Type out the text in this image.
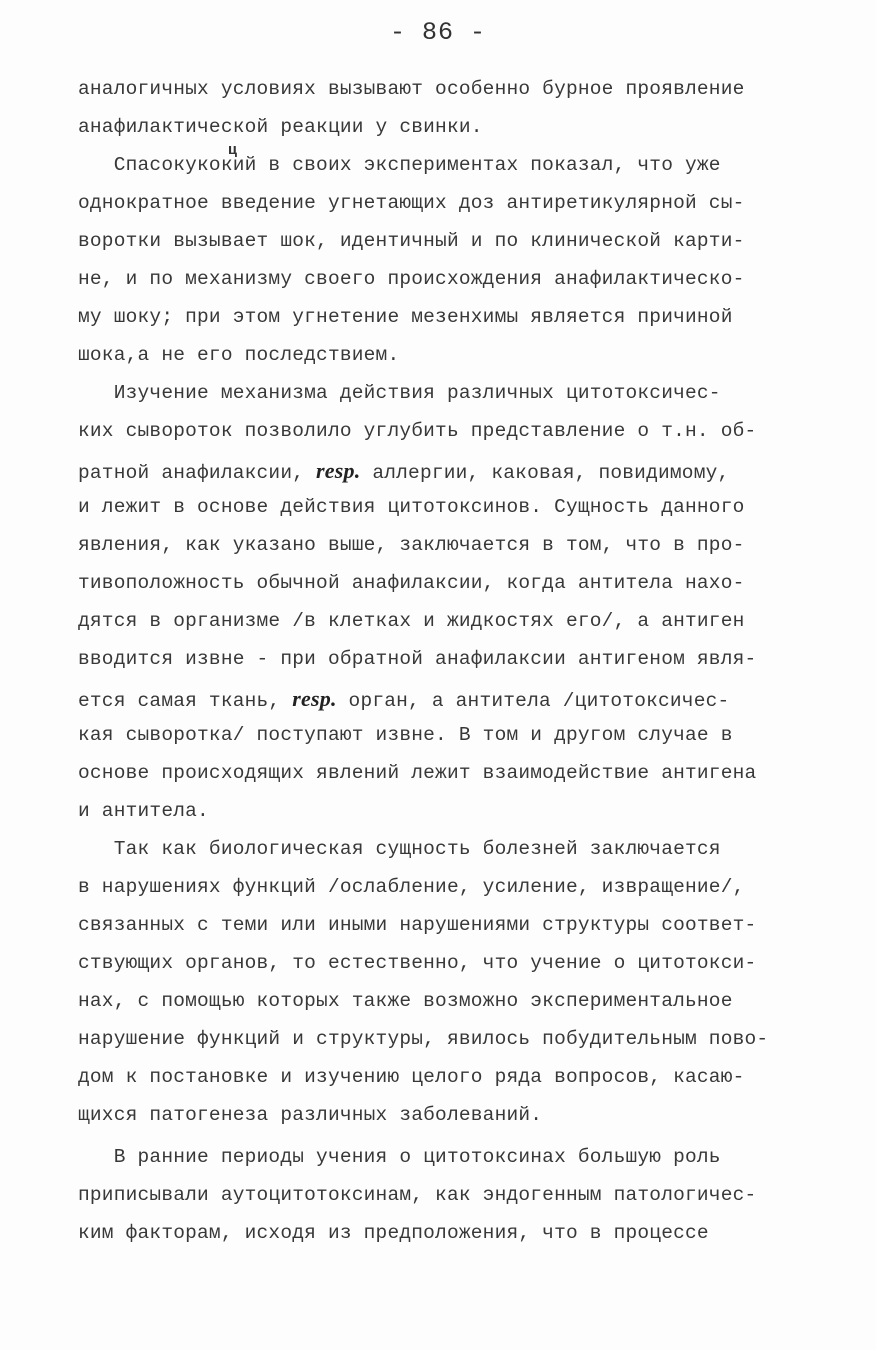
- 86 -
ц
аналогичных условиях вызывают особенно бурное проявление
анафилактической реакции у свинки.
Спасокукокий в своих экспериментах показал, что уже
однократное введение угнетающих доз антиретикулярной сы-
воротки вызывает шок, идентичный и по клинической карти-
не, и по механизму своего происхождения анафилактическо-
му шоку; при этом угнетение мезенхимы является причиной
шока,а не его последствием.
Изучение механизма действия различных цитотоксичес-
ких сывороток позволило углубить представление о т.н. об-
ратной анафилаксии, resp. аллергии, каковая, повидимому,
и лежит в основе действия цитотоксинов. Сущность данного
явления, как указано выше, заключается в том, что в про-
тивоположность обычной анафилаксии, когда антитела нахо-
дятся в организме /в клетках и жидкостях его/, а антиген
вводится извне - при обратной анафилаксии антигеном явля-
ется самая ткань, resp. орган, а антитела /цитотоксичес-
кая сыворотка/ поступают извне. В том и другом случае в
основе происходящих явлений лежит взаимодействие антигена
и антитела.
Так как биологическая сущность болезней заключается
в нарушениях функций /ослабление, усиление, извращение/,
связанных с теми или иными нарушениями структуры соответ-
ствующих органов, то естественно, что учение о цитотокси-
нах, с помощью которых также возможно экспериментальное
нарушение функций и структуры, явилось побудительным пово-
дом к постановке и изучению целого ряда вопросов, касаю-
щихся патогенеза различных заболеваний.
В ранние периоды учения о цитотоксинах большую роль
приписывали аутоцитотоксинам, как эндогенным патологичес-
ким факторам, исходя из предположения, что в процессе
